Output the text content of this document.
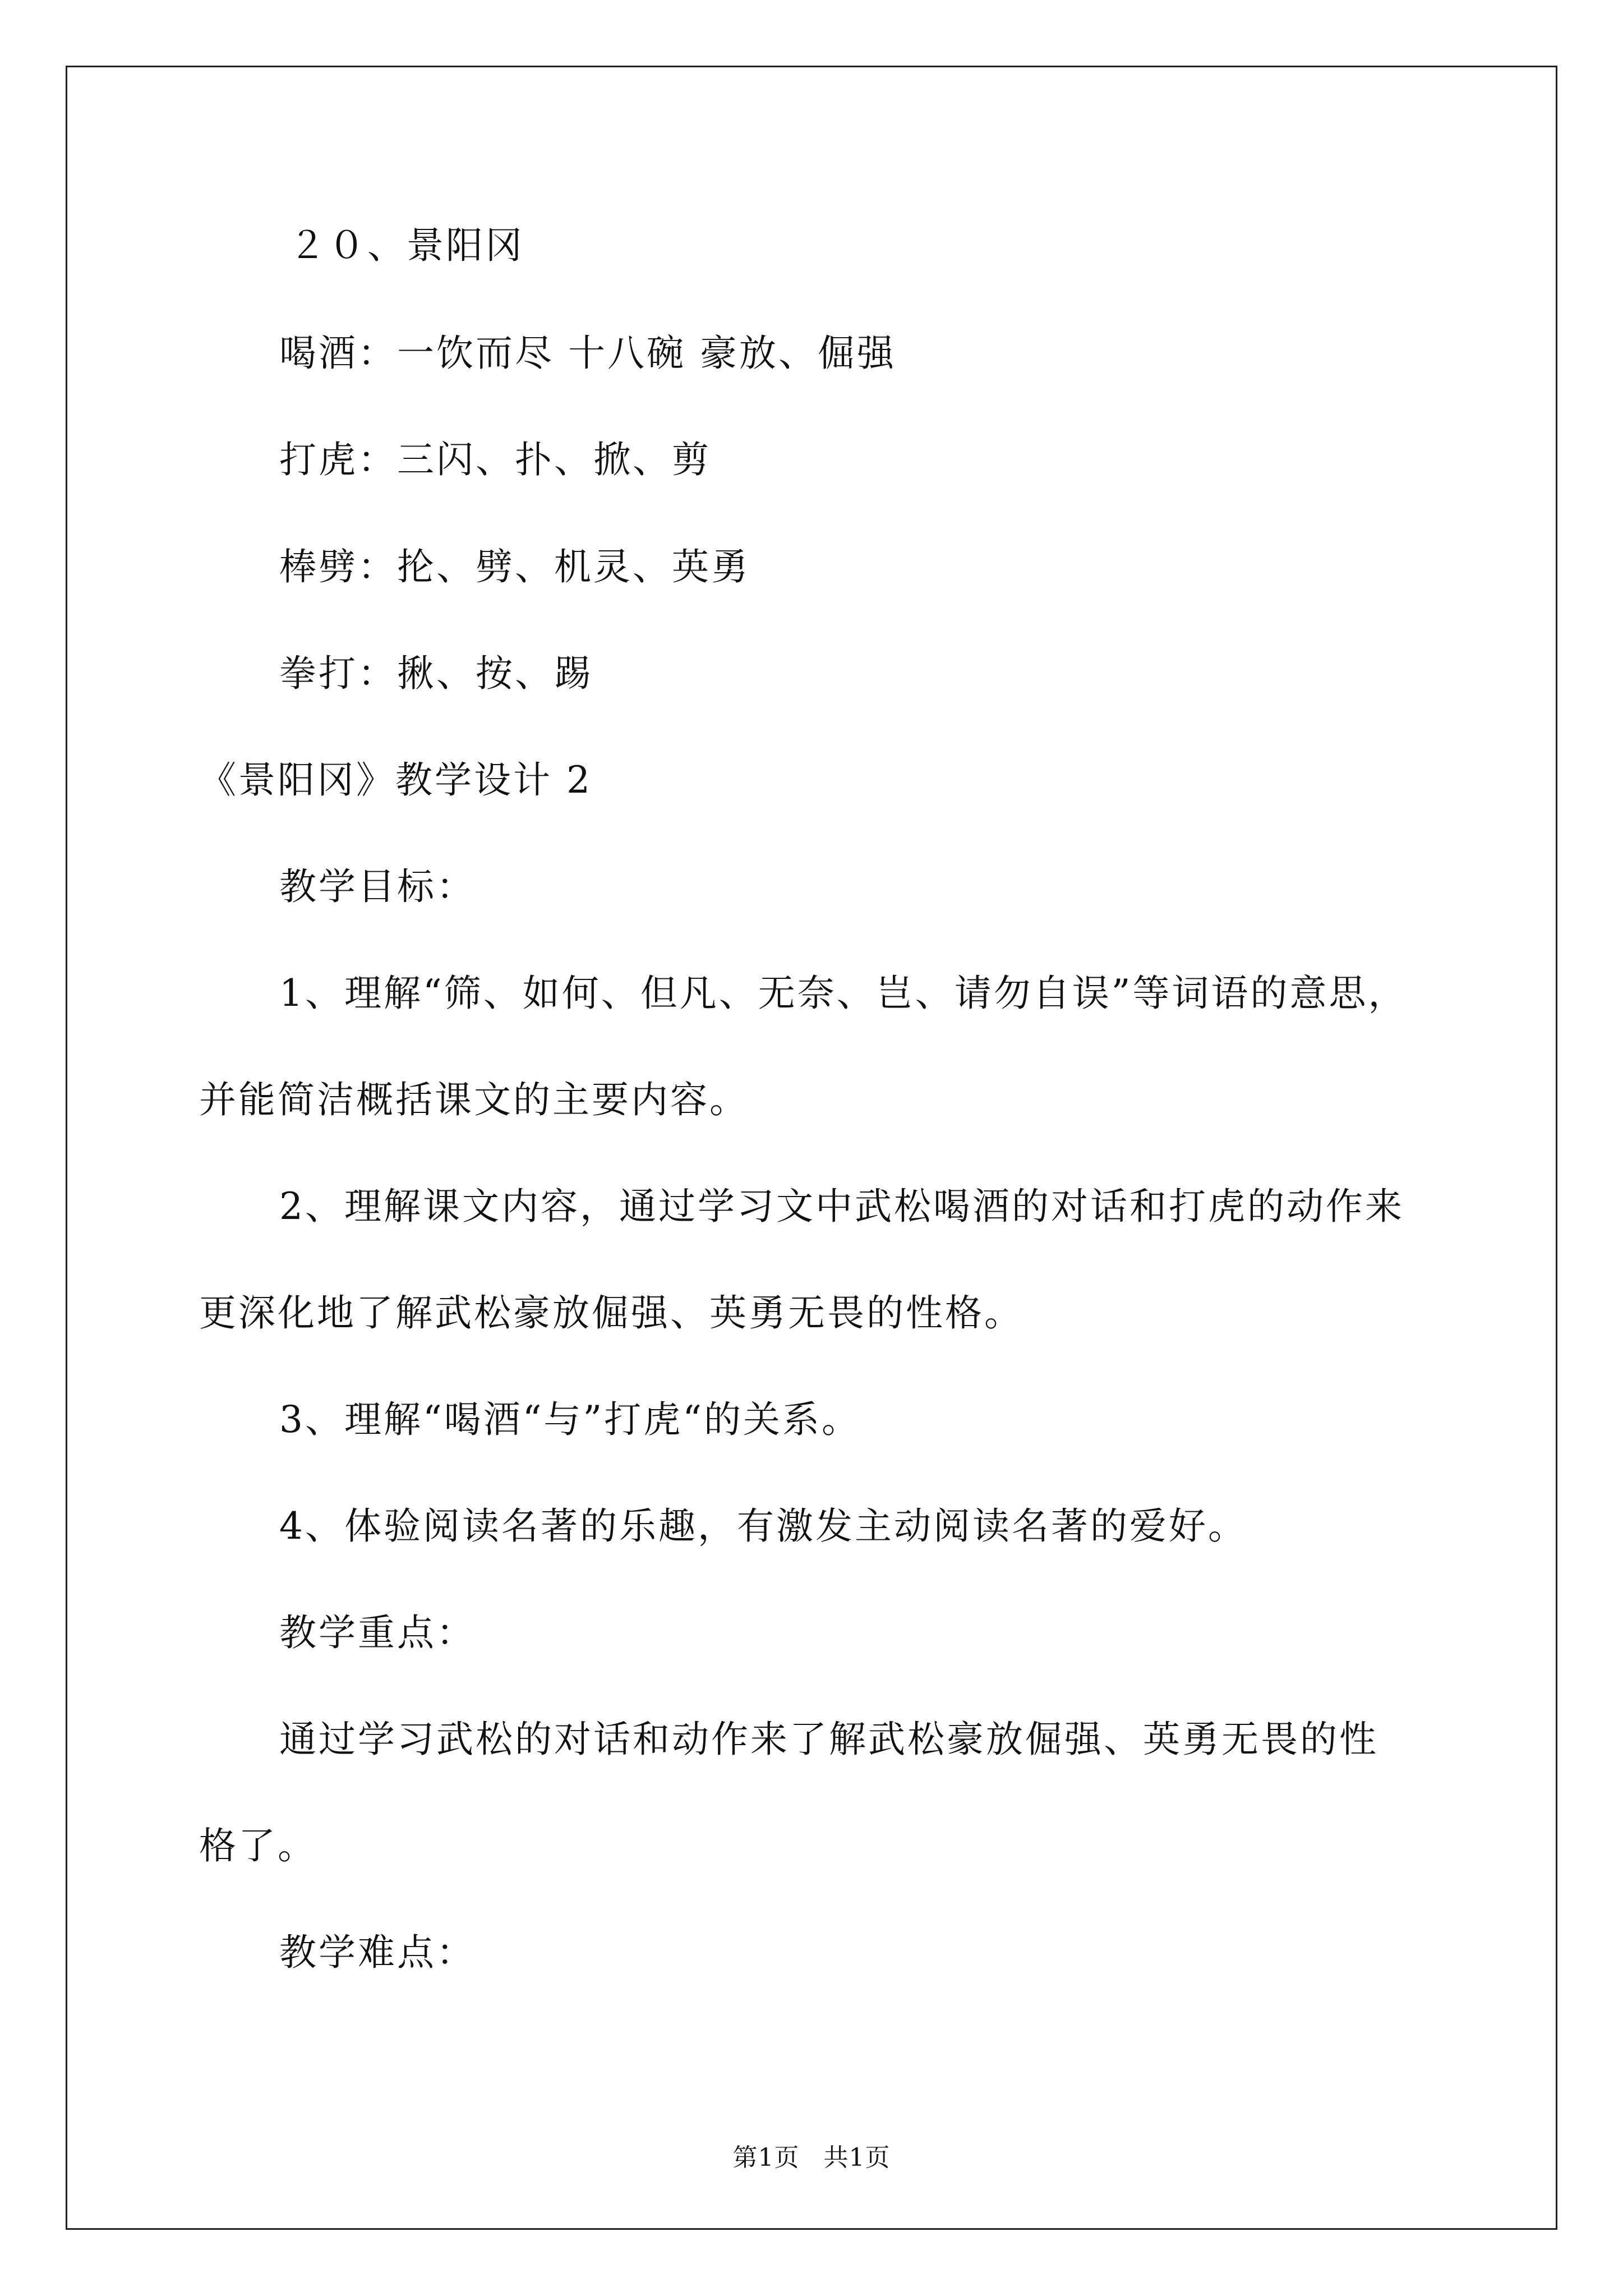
２０、景阳冈
喝酒：一饮而尽 十八碗 豪放、倔强
打虎：三闪、扑、掀、剪
棒劈：抡、劈、机灵、英勇
拳打：揪、按、踢
《景阳冈》教学设计 2
教学目标：
1、理解“筛、如何、但凡、无奈、岂、请勿自误”等词语的意思，
并能简洁概括课文的主要内容。
2、理解课文内容，通过学习文中武松喝酒的对话和打虎的动作来
更深化地了解武松豪放倔强、英勇无畏的性格。
3、理解“喝酒“与”打虎“的关系。
4、体验阅读名著的乐趣，有激发主动阅读名著的爱好。
教学重点：
通过学习武松的对话和动作来了解武松豪放倔强、英勇无畏的性
格了。
教学难点：
第1页 共1页
